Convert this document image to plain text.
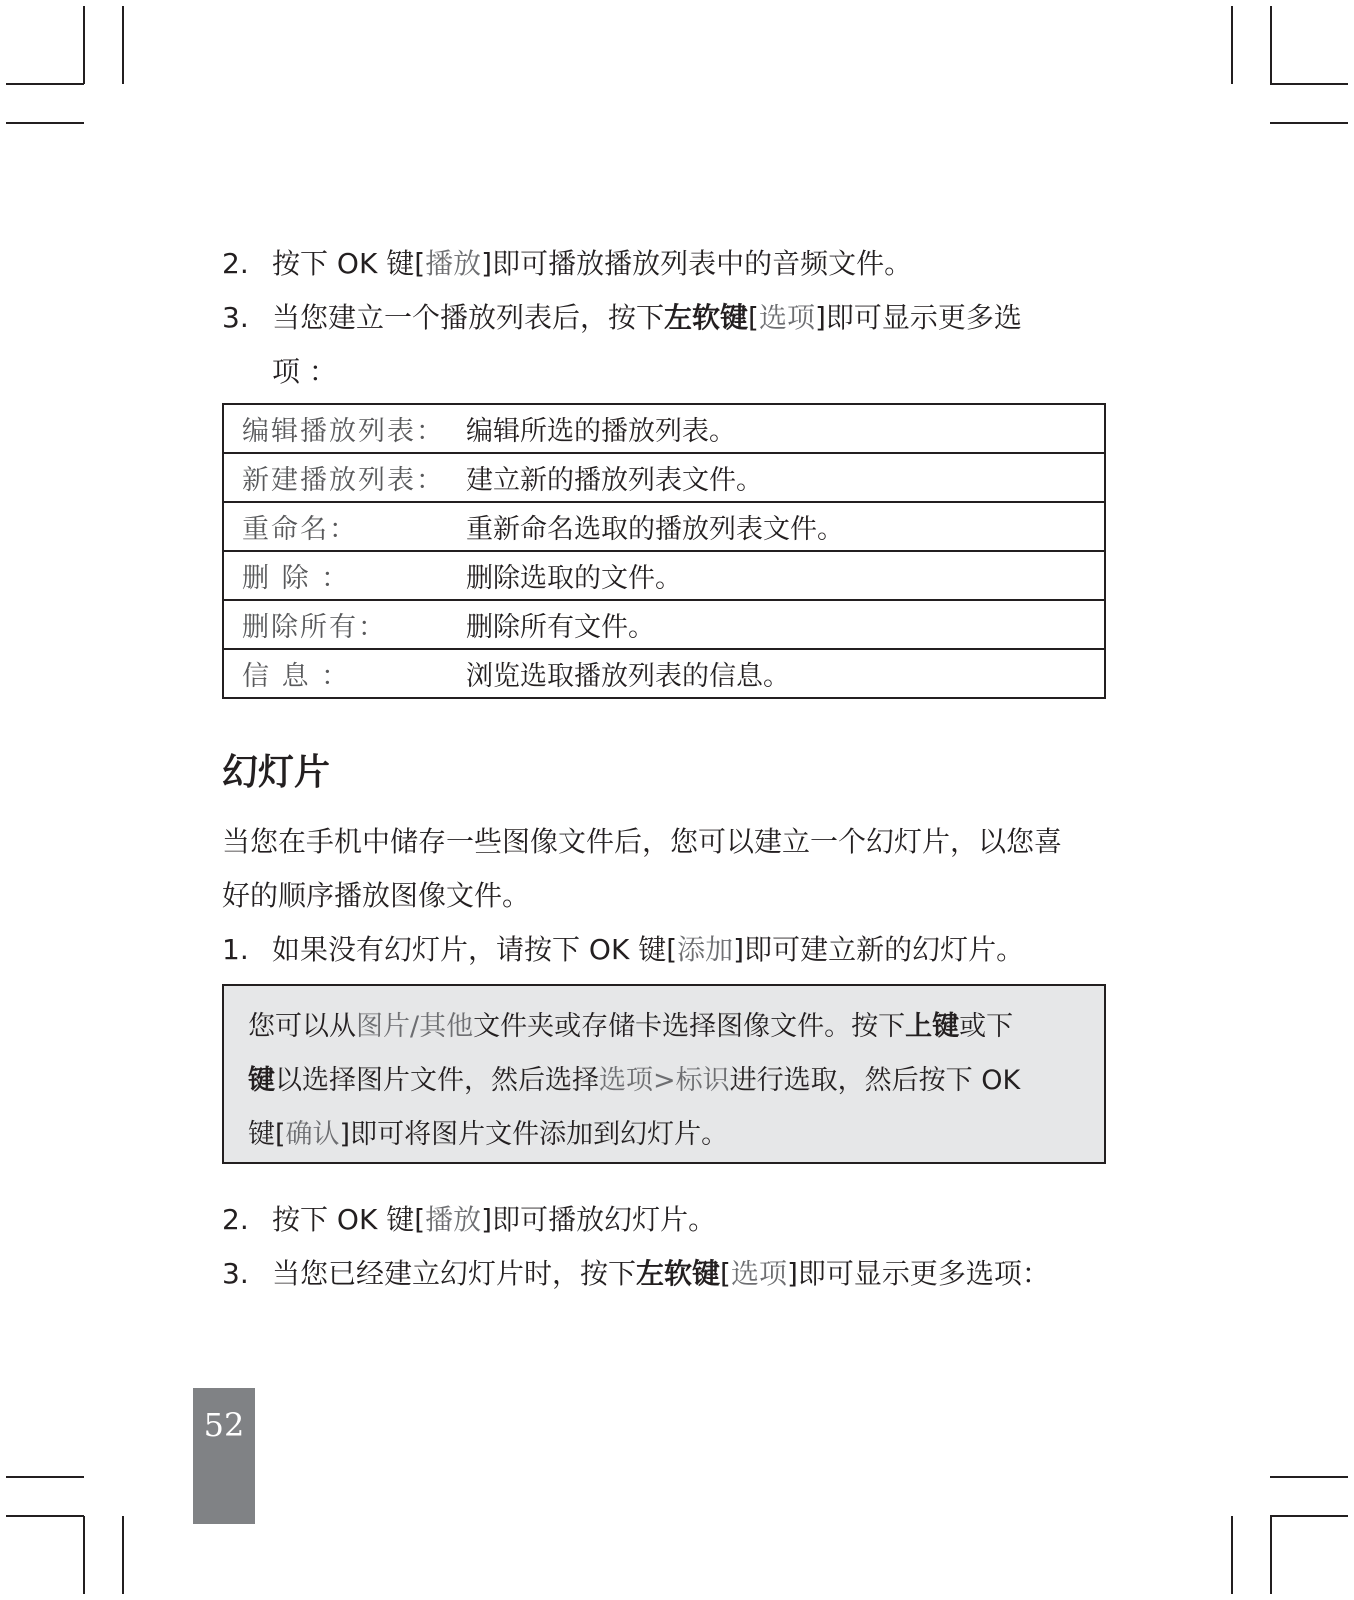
2. 按下 OK 键[播放]即可播放播放列表中的音频文件。
3. 当您建立一个播放列表后，按下左软键[选项]即可显示更多选
项 ：
编辑播放列表：	编辑所选的播放列表。
新建播放列表：	建立新的播放列表文件。
重命名：	重新命名选取的播放列表文件。
删 除 ：	删除选取的文件。
删除所有：	删除所有文件。
信 息 ：	浏览选取播放列表的信息。
幻灯片

当您在手机中储存一些图像文件后，您可以建立一个幻灯片，以您喜

好的顺序播放图像文件。

1. 如果没有幻灯片，请按下 OK 键[添加]即可建立新的幻灯片。
您可以从图片/其他文件夹或存储卡选择图像文件。按下上键或下
键以选择图片文件，然后选择选项>标识进行选取，然后按下 OK
键[确认]即可将图片文件添加到幻灯片。
2. 按下 OK 键[播放]即可播放幻灯片。
3. 当您已经建立幻灯片时，按下左软键[选项]即可显示更多选项：
52
